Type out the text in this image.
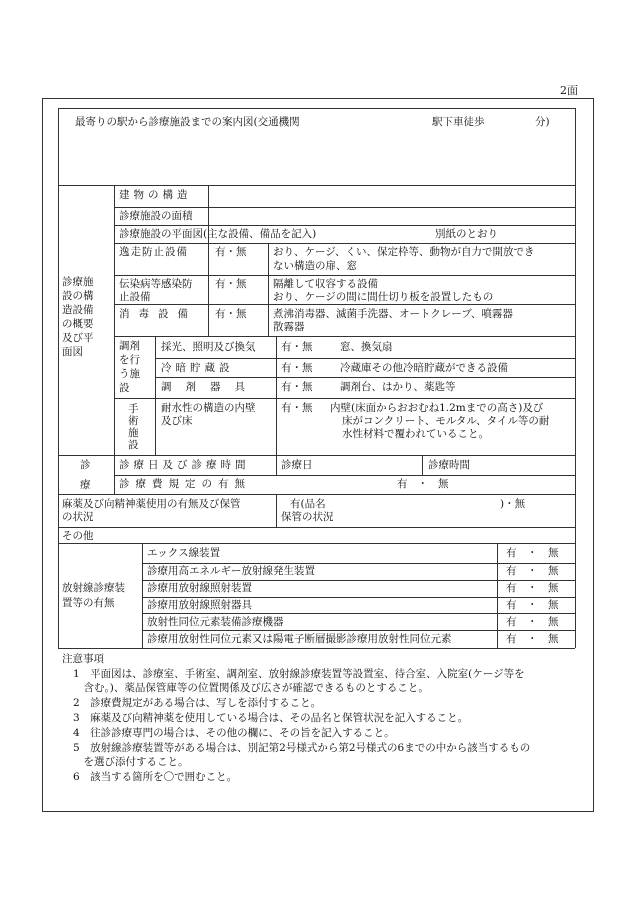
2面
最寄りの駅から診療施設までの案内図(交通機関	駅下車徒歩	分)
診療施
設の構
造設備
の概要
及び平
面図
建物の構造
診療施設の面積
診療施設の平面図(主な設備、備品を記入)	別紙のとおり
逸走防止設備	有・無	おり、ケージ、くい、保定枠等、動物が自力で開放でき
ない構造の扉、窓
伝染病等感染防
止設備
有・無	隔離して収容する設備
おり、ケージの間に間仕切り板を設置したもの
消毒設備 有・無	煮沸消毒器、滅菌手洗器、オートクレーブ、噴霧器
散霧器
調剤
を行
う施
設
採光、照明及び換気 有・無	窓、換気扇
冷暗貯蔵設	有・無	冷蔵庫その他冷暗貯蔵ができる設備
調剤器具 有・無	調剤台、はかり、薬匙等
手
術
施
設
耐水性の構造の内壁
及び床
有・無 内壁(床面からおおむね1.2mまでの高さ)及び
床がコンクリート、モルタル、タイル等の耐
水性材料で覆われていること。
診
療
診療日及び診療時間	診療日	診療時間
診療費規定の有無	有・無
麻薬及び向精神薬使用の有無及び保管
の状況
有(品名	)・無
保管の状況
その他
放射線診療装
置等の有無
エックス線装置	有　・　無
診療用高エネルギー放射線発生装置	有　・　無
診療用放射線照射装置	有　・　無
診療用放射線照射器具	有　・　無
放射性同位元素装備診療機器	有　・　無
診療用放射性同位元素又は陽電子断層撮影診療用放射性同位元素	有　・　無
注意事項
1　平面図は、診療室、手術室、調剤室、放射線診療装置等設置室、待合室、入院室(ケージ等を
　含む。)、薬品保管庫等の位置関係及び広さが確認できるものとすること。
2　診療費規定がある場合は、写しを添付すること。
3　麻薬及び向精神薬を使用している場合は、その品名と保管状況を記入すること。
4　往診診療専門の場合は、その他の欄に、その旨を記入すること。
5　放射線診療装置等がある場合は、別記第2号様式から第2号様式の6までの中から該当するもの
　を選び添付すること。
6　該当する箇所を〇で囲むこと。
